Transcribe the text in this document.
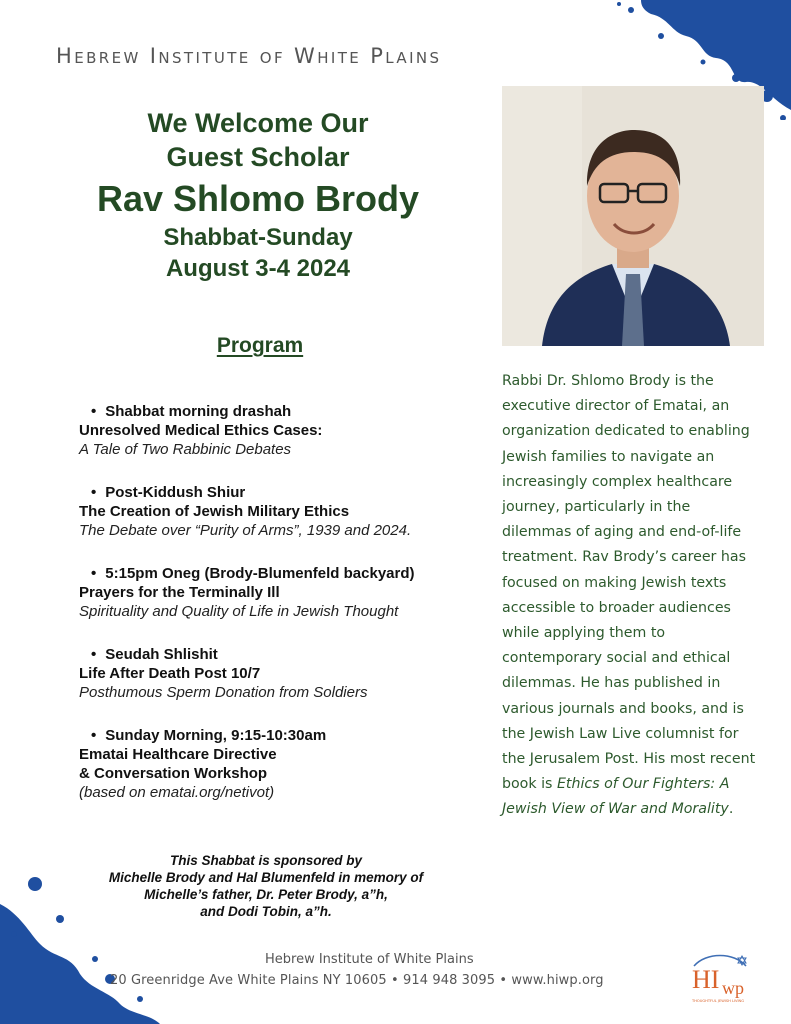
Hebrew Institute of White Plains
We Welcome Our
Guest Scholar
Rav Shlomo Brody
Shabbat-Sunday
August 3-4 2024
Program
• Shabbat morning drashah
Unresolved Medical Ethics Cases:
A Tale of Two Rabbinic Debates
• Post-Kiddush Shiur
The Creation of Jewish Military Ethics
The Debate over “Purity of Arms”, 1939 and 2024.
• 5:15pm Oneg (Brody-Blumenfeld backyard)
Prayers for the Terminally Ill
Spirituality and Quality of Life in Jewish Thought
• Seudah Shlishit
Life After Death Post 10/7
Posthumous Sperm Donation from Soldiers
• Sunday Morning, 9:15-10:30am
Ematai Healthcare Directive
& Conversation Workshop
(based on ematai.org/netivot)
Rabbi Dr. Shlomo Brody is the executive director of Ematai, an organization dedicated to enabling Jewish families to navigate an increasingly complex healthcare journey, particularly in the dilemmas of aging and end-of-life treatment. Rav Brody’s career has focused on making Jewish texts accessible to broader audiences while applying them to contemporary social and ethical dilemmas. He has published in various journals and books, and is the Jewish Law Live columnist for the Jerusalem Post. His most recent book is Ethics of Our Fighters: A Jewish View of War and Morality.
This Shabbat is sponsored by
Michelle Brody and Hal Blumenfeld in memory of
Michelle’s father, Dr. Peter Brody, a”h,
and Dodi Tobin, a”h.
Hebrew Institute of White Plains
20 Greenridge Ave White Plains NY 10605 • 914 948 3095 • www.hiwp.org	HI wp
THOUGHTFUL JEWISH LIVING
